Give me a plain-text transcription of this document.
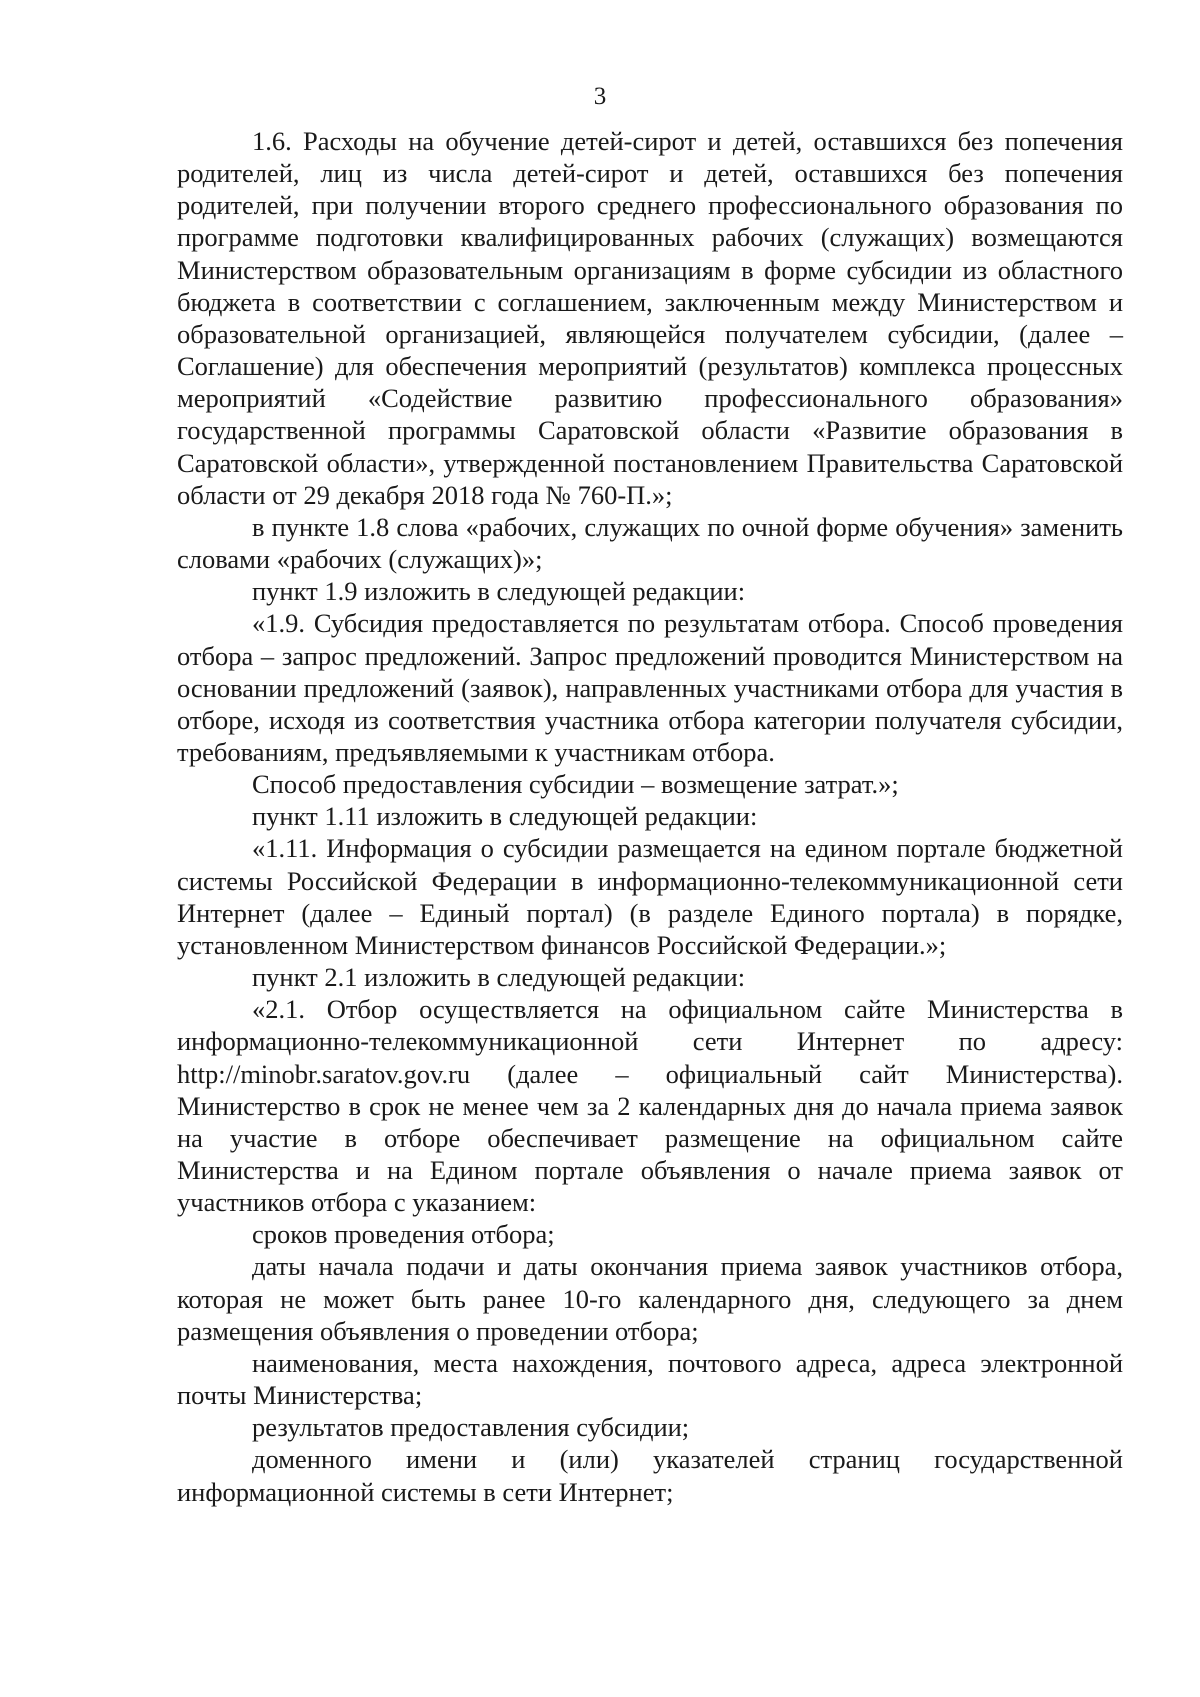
3

1.6. Расходы на обучение детей-сирот и детей, оставшихся без попечения родителей, лиц из числа детей-сирот и детей, оставшихся без попечения родителей, при получении второго среднего профессионального образования по программе подготовки квалифицированных рабочих (служащих) возмещаются Министерством образовательным организациям в форме субсидии из областного бюджета в соответствии с соглашением, заключенным между Министерством и образовательной организацией, являющейся получателем субсидии, (далее – Соглашение) для обеспечения мероприятий (результатов) комплекса процессных мероприятий «Содействие развитию профессионального образования» государственной программы Саратовской области «Развитие образования в Саратовской области», утвержденной постановлением Правительства Саратовской области от 29 декабря 2018 года № 760-П.»;

в пункте 1.8 слова «рабочих, служащих по очной форме обучения» заменить словами «рабочих (служащих)»;

пункт 1.9 изложить в следующей редакции:

«1.9. Субсидия предоставляется по результатам отбора. Способ проведения отбора – запрос предложений. Запрос предложений проводится Министерством на основании предложений (заявок), направленных участниками отбора для участия в отборе, исходя из соответствия участника отбора категории получателя субсидии, требованиям, предъявляемыми к участникам отбора.

Способ предоставления субсидии – возмещение затрат.»;

пункт 1.11 изложить в следующей редакции:

«1.11. Информация о субсидии размещается на едином портале бюджетной системы Российской Федерации в информационно-телекоммуникационной сети Интернет (далее – Единый портал) (в разделе Единого портала) в порядке, установленном Министерством финансов Российской Федерации.»;

пункт 2.1 изложить в следующей редакции:

«2.1. Отбор осуществляется на официальном сайте Министерства в информационно-телекоммуникационной сети Интернет по адресу: http://minobr.saratov.gov.ru (далее – официальный сайт Министерства). Министерство в срок не менее чем за 2 календарных дня до начала приема заявок на участие в отборе обеспечивает размещение на официальном сайте Министерства и на Едином портале объявления о начале приема заявок от участников отбора с указанием:

сроков проведения отбора;

даты начала подачи и даты окончания приема заявок участников отбора, которая не может быть ранее 10-го календарного дня, следующего за днем размещения объявления о проведении отбора;

наименования, места нахождения, почтового адреса, адреса электронной почты Министерства;

результатов предоставления субсидии;

доменного имени и (или) указателей страниц государственной информационной системы в сети Интернет;
